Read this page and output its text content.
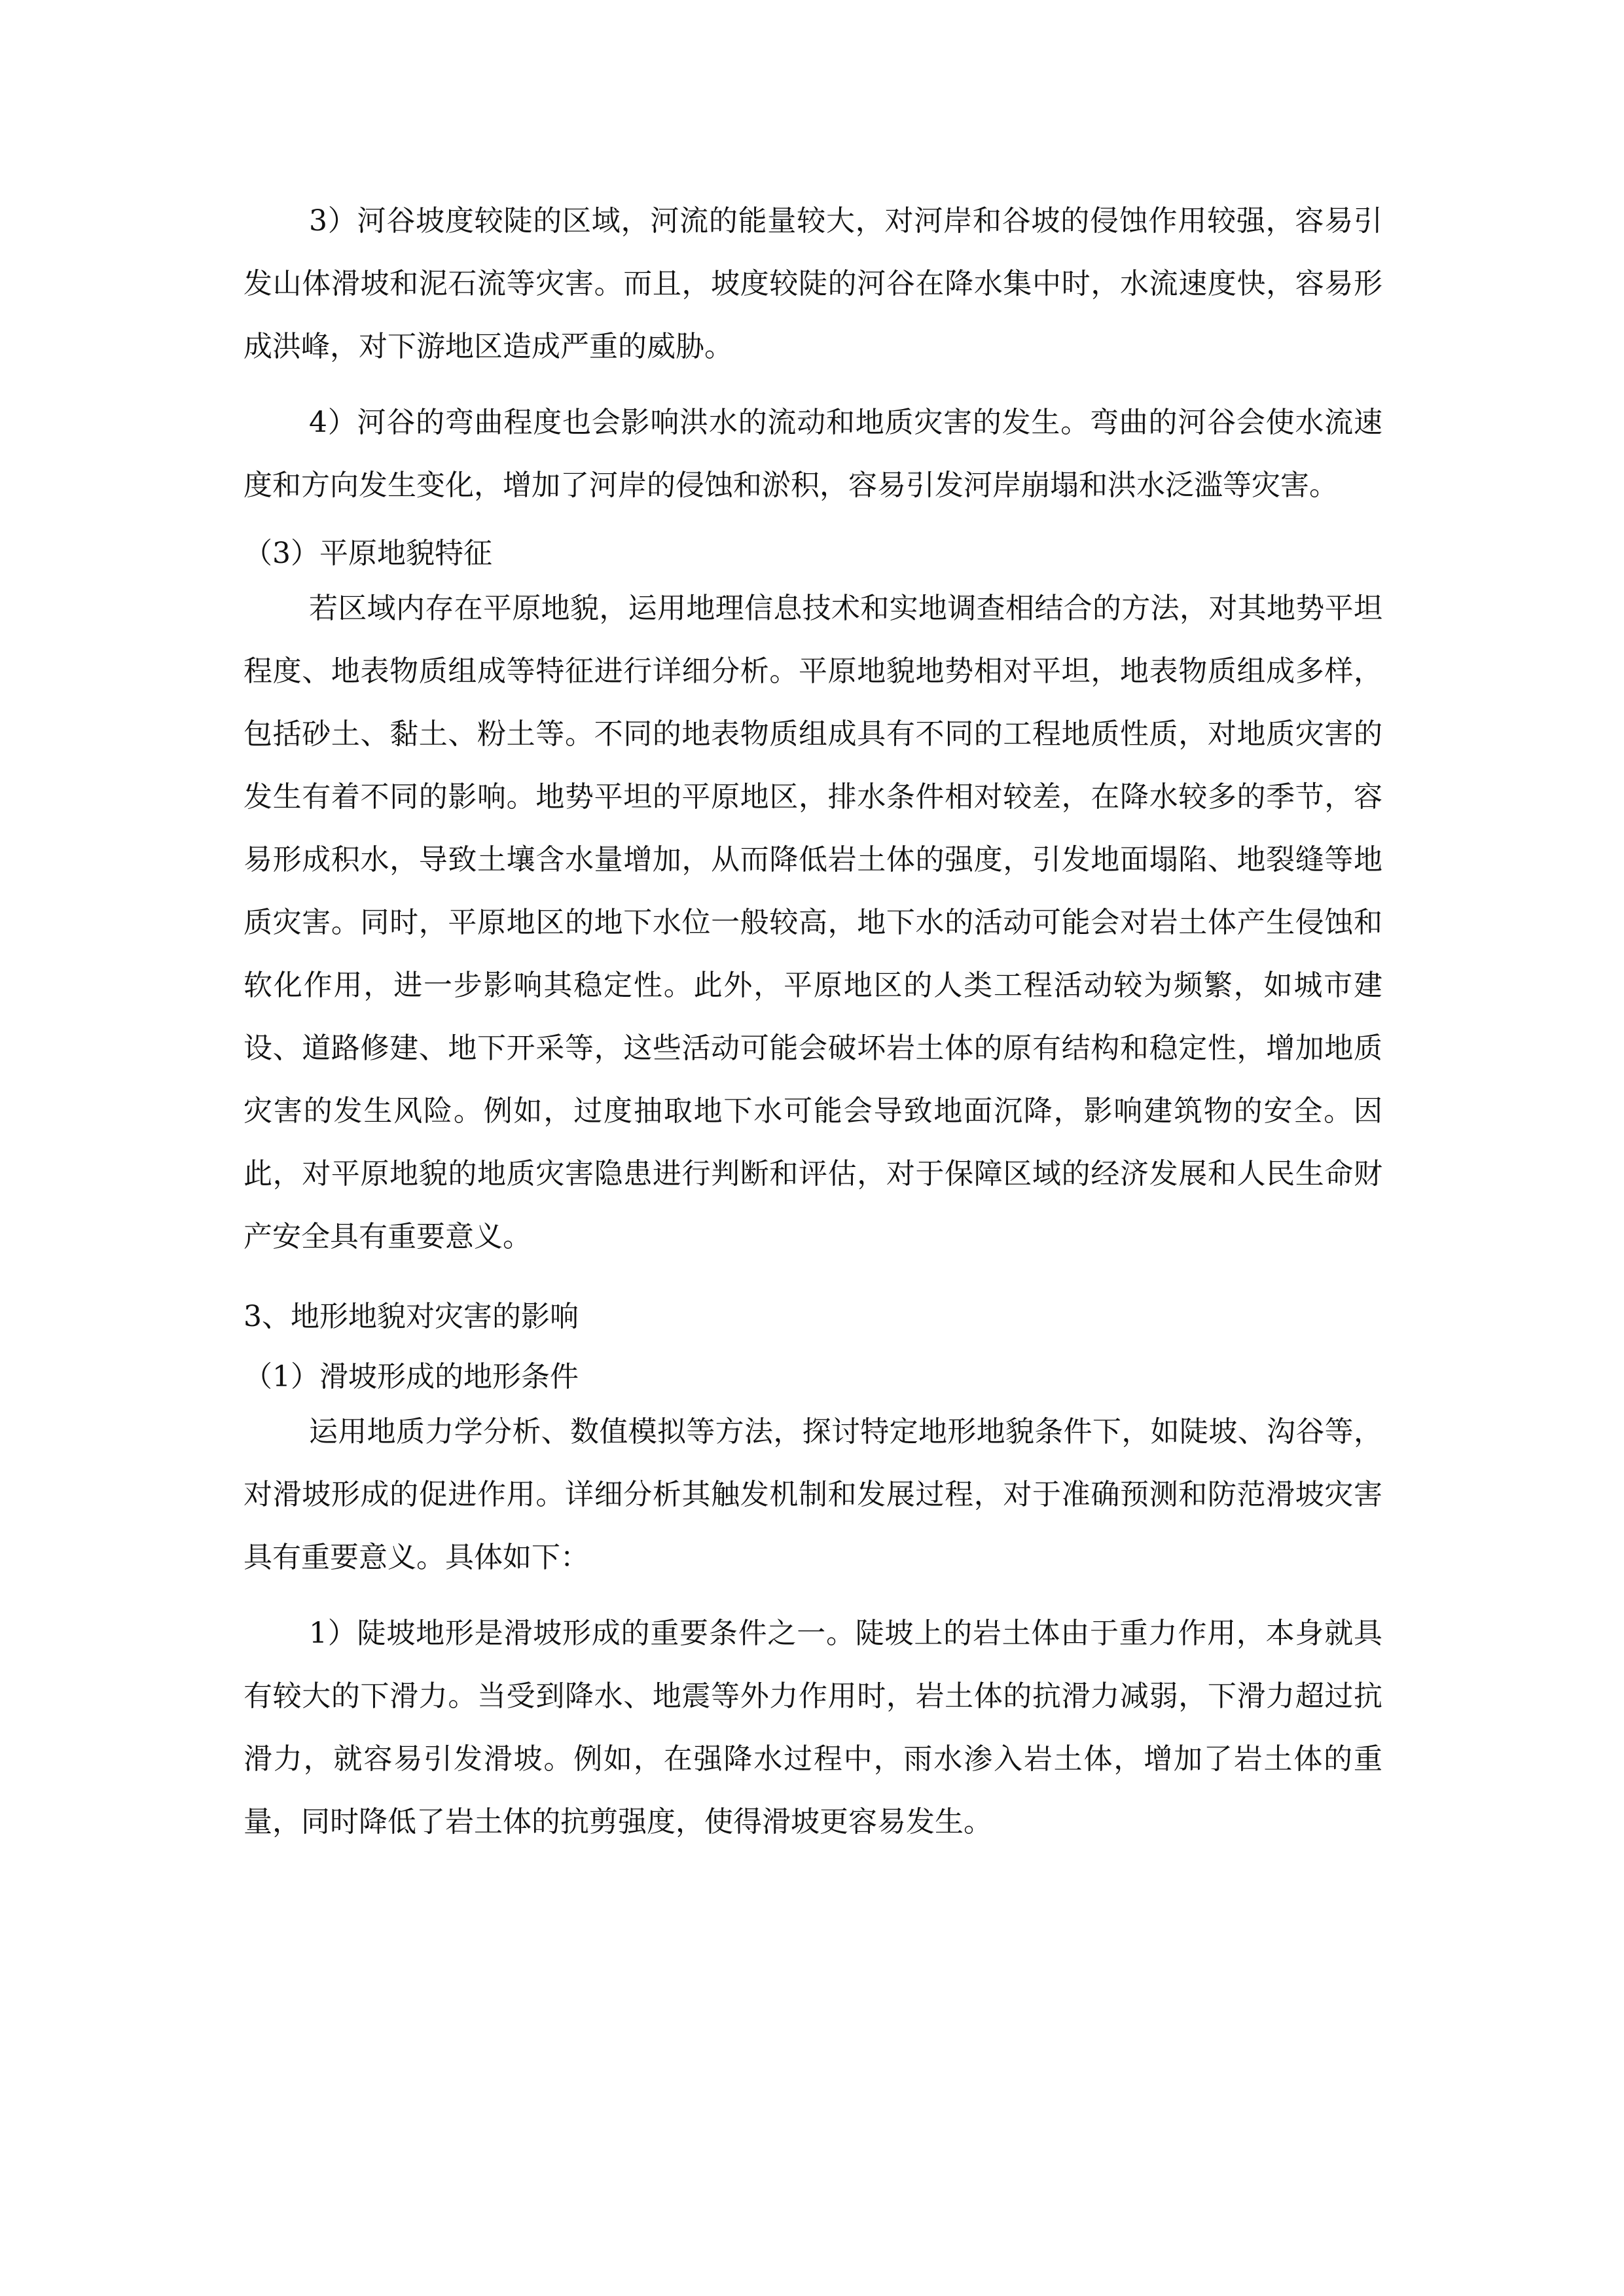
3）河谷坡度较陡的区域，河流的能量较大，对河岸和谷坡的侵蚀作用较强，容易引发山体滑坡和泥石流等灾害。而且，坡度较陡的河谷在降水集中时，水流速度快，容易形成洪峰，对下游地区造成严重的威胁。

4）河谷的弯曲程度也会影响洪水的流动和地质灾害的发生。弯曲的河谷会使水流速度和方向发生变化，增加了河岸的侵蚀和淤积，容易引发河岸崩塌和洪水泛滥等灾害。

（3）平原地貌特征

若区域内存在平原地貌，运用地理信息技术和实地调查相结合的方法，对其地势平坦程度、地表物质组成等特征进行详细分析。平原地貌地势相对平坦，地表物质组成多样，包括砂土、黏土、粉土等。不同的地表物质组成具有不同的工程地质性质，对地质灾害的发生有着不同的影响。地势平坦的平原地区，排水条件相对较差，在降水较多的季节，容易形成积水，导致土壤含水量增加，从而降低岩土体的强度，引发地面塌陷、地裂缝等地质灾害。同时，平原地区的地下水位一般较高，地下水的活动可能会对岩土体产生侵蚀和软化作用，进一步影响其稳定性。此外，平原地区的人类工程活动较为频繁，如城市建设、道路修建、地下开采等，这些活动可能会破坏岩土体的原有结构和稳定性，增加地质灾害的发生风险。例如，过度抽取地下水可能会导致地面沉降，影响建筑物的安全。因此，对平原地貌的地质灾害隐患进行判断和评估，对于保障区域的经济发展和人民生命财产安全具有重要意义。

3、地形地貌对灾害的影响

（1）滑坡形成的地形条件

运用地质力学分析、数值模拟等方法，探讨特定地形地貌条件下，如陡坡、沟谷等，对滑坡形成的促进作用。详细分析其触发机制和发展过程，对于准确预测和防范滑坡灾害具有重要意义。具体如下：

1）陡坡地形是滑坡形成的重要条件之一。陡坡上的岩土体由于重力作用，本身就具有较大的下滑力。当受到降水、地震等外力作用时，岩土体的抗滑力减弱，下滑力超过抗滑力，就容易引发滑坡。例如，在强降水过程中，雨水渗入岩土体，增加了岩土体的重量，同时降低了岩土体的抗剪强度，使得滑坡更容易发生。
